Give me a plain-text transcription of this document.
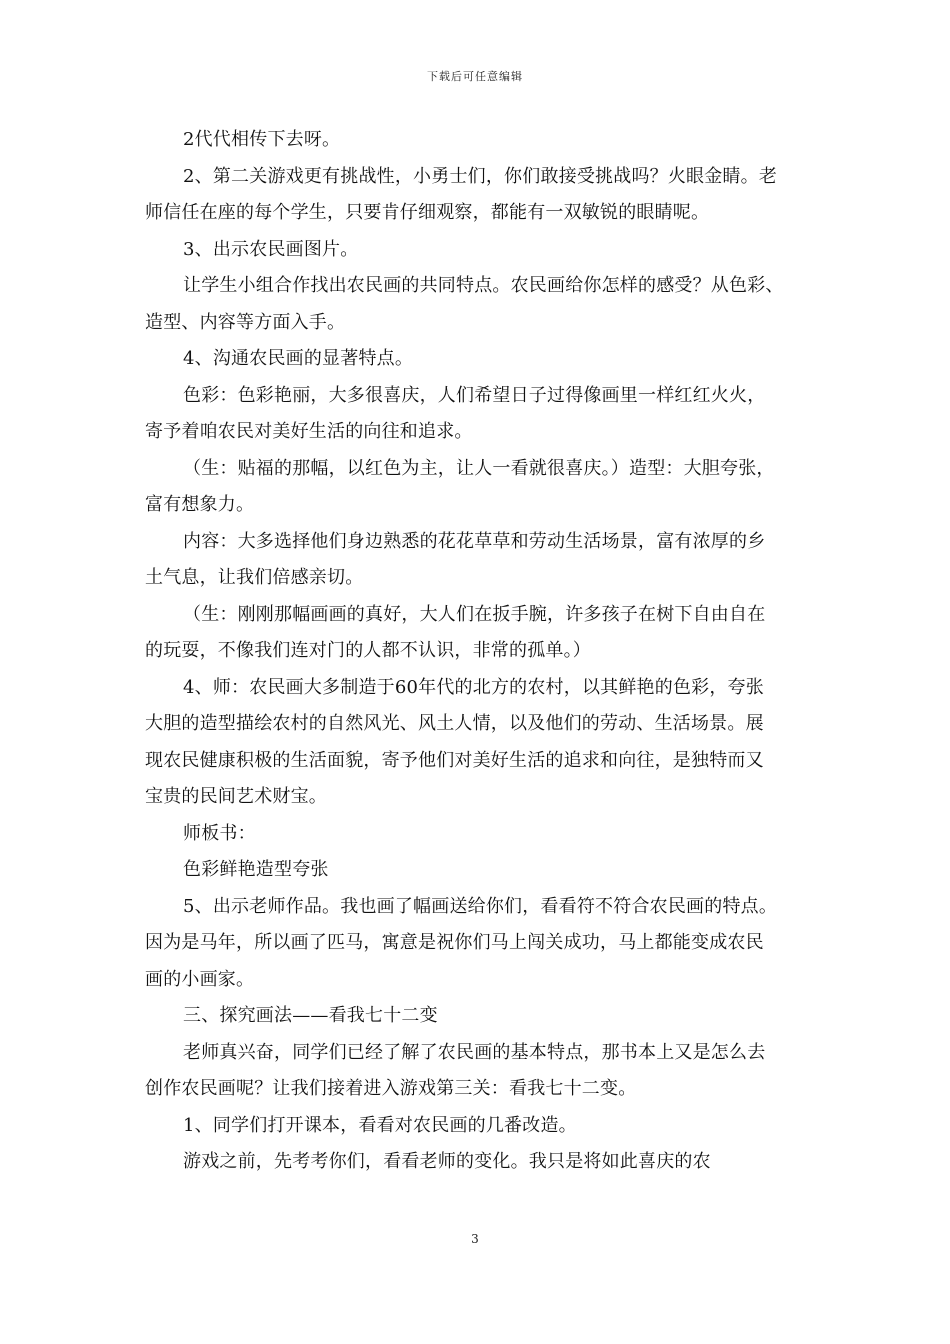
下载后可任意编辑
2代代相传下去呀。
2、第二关游戏更有挑战性，小勇士们，你们敢接受挑战吗？火眼金睛。老
师信任在座的每个学生，只要肯仔细观察，都能有一双敏锐的眼睛呢。
3、出示农民画图片。
让学生小组合作找出农民画的共同特点。农民画给你怎样的感受？从色彩、
造型、内容等方面入手。
4、沟通农民画的显著特点。
色彩：色彩艳丽，大多很喜庆，人们希望日子过得像画里一样红红火火，
寄予着咱农民对美好生活的向往和追求。
（生：贴福的那幅，以红色为主，让人一看就很喜庆。）造型：大胆夸张，
富有想象力。
内容：大多选择他们身边熟悉的花花草草和劳动生活场景，富有浓厚的乡
土气息，让我们倍感亲切。
（生：刚刚那幅画画的真好，大人们在扳手腕，许多孩子在树下自由自在
的玩耍，不像我们连对门的人都不认识，非常的孤单。）
4、师：农民画大多制造于60年代的北方的农村，以其鲜艳的色彩，夸张
大胆的造型描绘农村的自然风光、风土人情，以及他们的劳动、生活场景。展
现农民健康积极的生活面貌，寄予他们对美好生活的追求和向往，是独特而又
宝贵的民间艺术财宝。
师板书：
色彩鲜艳造型夸张
5、出示老师作品。我也画了幅画送给你们，看看符不符合农民画的特点。
因为是马年，所以画了匹马，寓意是祝你们马上闯关成功，马上都能变成农民
画的小画家。
三、探究画法——看我七十二变
老师真兴奋，同学们已经了解了农民画的基本特点，那书本上又是怎么去
创作农民画呢？让我们接着进入游戏第三关：看我七十二变。
1、同学们打开课本，看看对农民画的几番改造。
游戏之前，先考考你们，看看老师的变化。我只是将如此喜庆的农
3
